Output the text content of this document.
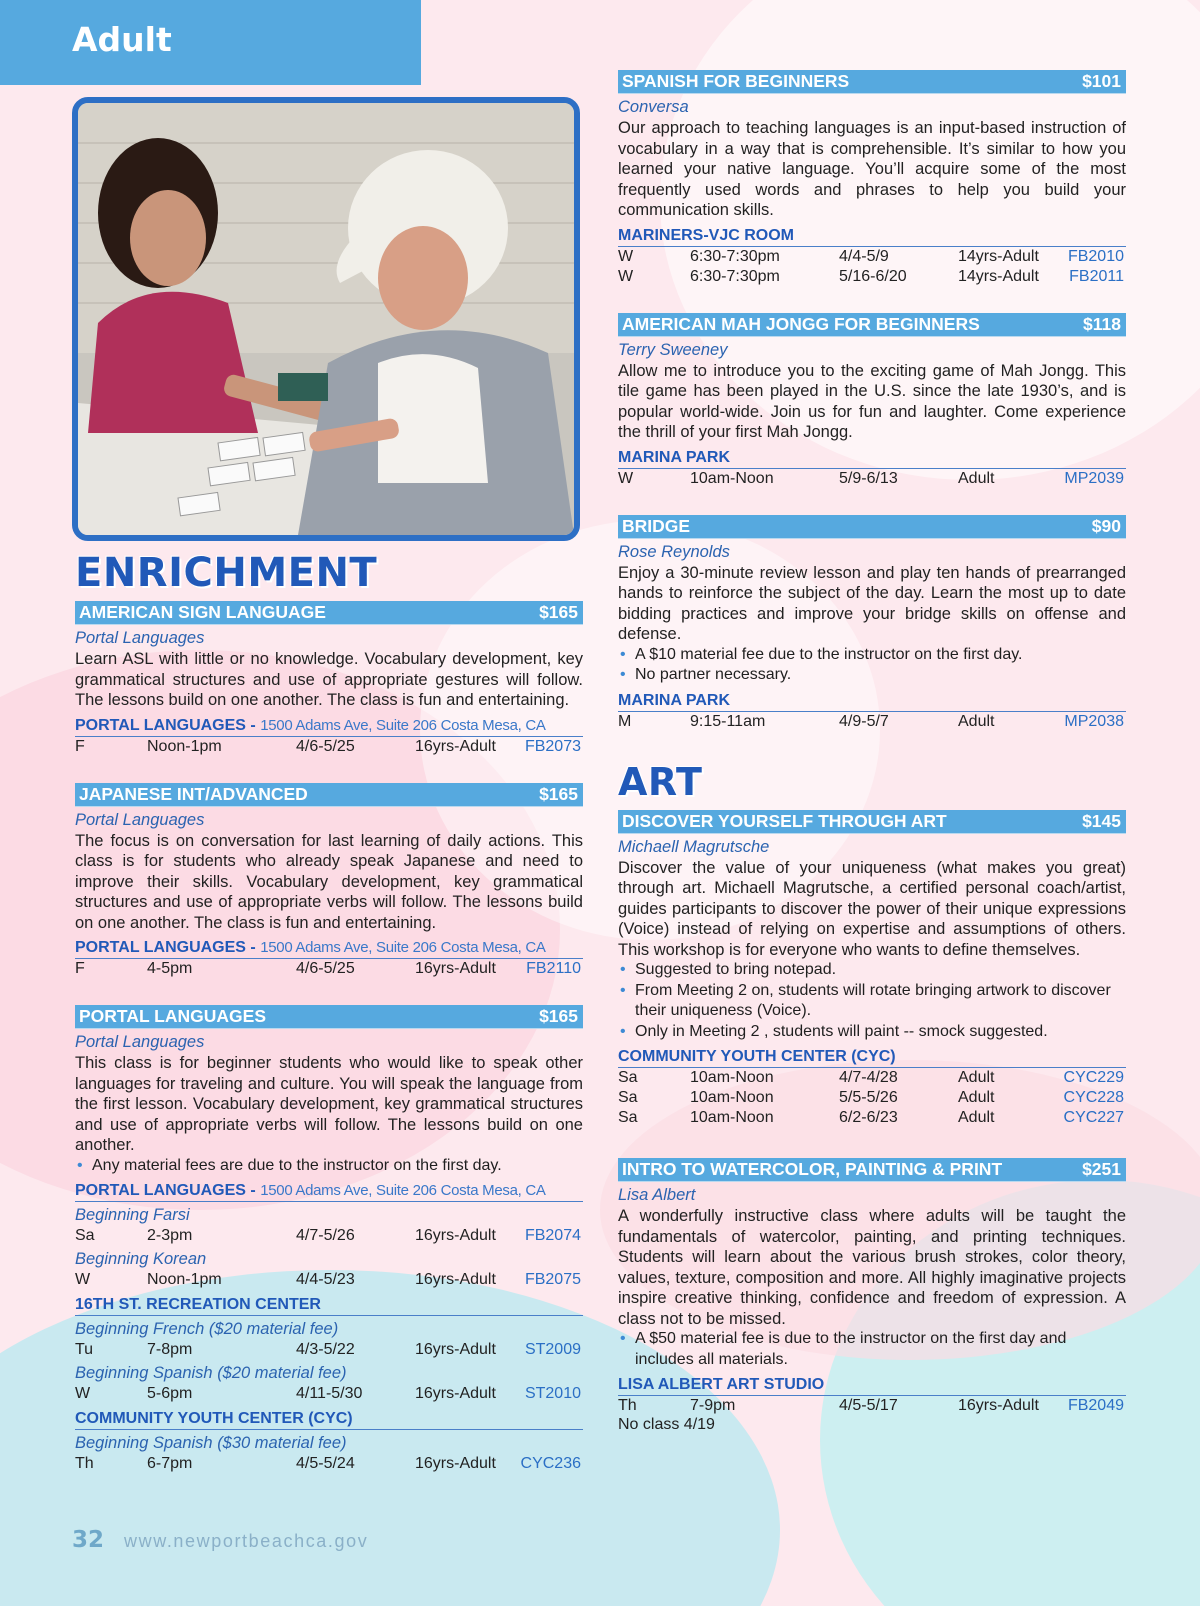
Adult
ENRICHMENT
AMERICAN SIGN LANGUAGE	$165
Portal Languages

Learn ASL with little or no knowledge. Vocabulary development, key grammatical structures and use of appropriate gestures will follow. The lessons build on one another. The class is fun and entertaining.

PORTAL LANGUAGES - 1500 Adams Ave, Suite 206 Costa Mesa, CA
F	Noon-1pm	4/6-5/25	16yrs-Adult FB2073
JAPANESE INT/ADVANCED	$165
Portal Languages

The focus is on conversation for last learning of daily actions. This class is for students who already speak Japanese and need to improve their skills. Vocabulary development, key grammatical structures and use of appropriate verbs will follow. The lessons build on one another. The class is fun and entertaining.

PORTAL LANGUAGES - 1500 Adams Ave, Suite 206 Costa Mesa, CA
F	4-5pm	4/6-5/25	16yrs-Adult FB2110
PORTAL LANGUAGES	$165
Portal Languages

This class is for beginner students who would like to speak other languages for traveling and culture. You will speak the language from the first lesson. Vocabulary development, key grammatical structures and use of appropriate verbs will follow. The lessons build on one another.

• Any material fees are due to the instructor on the first day.
PORTAL LANGUAGES - 1500 Adams Ave, Suite 206 Costa Mesa, CA
Beginning Farsi
Sa	2-3pm	4/7-5/26	16yrs-Adult FB2074
Beginning Korean
W	Noon-1pm	4/4-5/23	16yrs-Adult FB2075
16TH ST. RECREATION CENTER
Beginning French ($20 material fee)
Tu	7-8pm	4/3-5/22	16yrs-Adult ST2009
Beginning Spanish ($20 material fee)
W	5-6pm	4/11-5/30	16yrs-Adult ST2010
COMMUNITY YOUTH CENTER (CYC)
Beginning Spanish ($30 material fee)
Th	6-7pm	4/5-5/24	16yrs-Adult CYC236
SPANISH FOR BEGINNERS	$101
Conversa

Our approach to teaching languages is an input-based instruction of vocabulary in a way that is comprehensible. It’s similar to how you learned your native language. You’ll acquire some of the most frequently used words and phrases to help you build your communication skills.

MARINERS-VJC ROOM
W	6:30-7:30pm	4/4-5/9	14yrs-Adult FB2010
W	6:30-7:30pm	5/16-6/20	14yrs-Adult FB2011
AMERICAN MAH JONGG FOR BEGINNERS	$118
Terry Sweeney

Allow me to introduce you to the exciting game of Mah Jongg. This tile game has been played in the U.S. since the late 1930’s, and is popular world-wide. Join us for fun and laughter. Come experience the thrill of your first Mah Jongg.

MARINA PARK
W	10am-Noon	5/9-6/13	Adult	MP2039
BRIDGE	$90
Rose Reynolds

Enjoy a 30-minute review lesson and play ten hands of prearranged hands to reinforce the subject of the day. Learn the most up to date bidding practices and improve your bridge skills on offense and defense.

• A $10 material fee due to the instructor on the first day.
• No partner necessary.
MARINA PARK
M	9:15-11am	4/9-5/7	Adult	MP2038
ART
DISCOVER YOURSELF THROUGH ART	$145
Michaell Magrutsche

Discover the value of your uniqueness (what makes you great) through art. Michaell Magrutsche, a certified personal coach/artist, guides participants to discover the power of their unique expressions (Voice) instead of relying on expertise and assumptions of others. This workshop is for everyone who wants to define themselves.

• Suggested to bring notepad.
• From Meeting 2 on, students will rotate bringing artwork to discover their uniqueness (Voice).
• Only in Meeting 2 , students will paint -- smock suggested.
COMMUNITY YOUTH CENTER (CYC)
Sa	10am-Noon	4/7-4/28	Adult	CYC229
Sa	10am-Noon	5/5-5/26	Adult	CYC228
Sa	10am-Noon	6/2-6/23	Adult	CYC227
INTRO TO WATERCOLOR, PAINTING & PRINT	$251
Lisa Albert

A wonderfully instructive class where adults will be taught the fundamentals of watercolor, painting, and printing techniques. Students will learn about the various brush strokes, color theory, values, texture, composition and more. All highly imaginative projects inspire creative thinking, confidence and freedom of expression. A class not to be missed.

• A $50 material fee is due to the instructor on the first day and includes all materials.
LISA ALBERT ART STUDIO
Th	7-9pm	4/5-5/17	16yrs-Adult FB2049
No class 4/19
32 www.newportbeachca.gov
